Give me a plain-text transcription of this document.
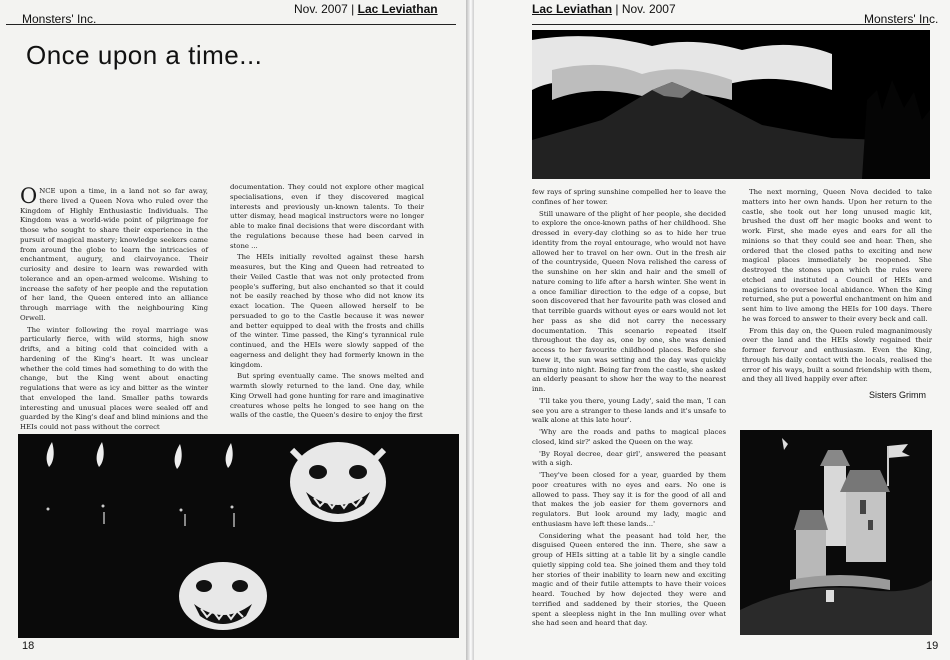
Monsters' Inc.
Nov. 2007 | Lac Leviathan
Once upon a time...

ONCE upon a time, in a land not so far away, there lived a Queen Nova who ruled over the Kingdom of Highly Enthusiastic Individuals. The Kingdom was a world-wide point of pilgrimage for those who sought to share their experience in the pursuit of magical mastery; knowledge seekers came from around the globe to learn the intricacies of enchantment, augury, and clairvoyance. Their curiosity and desire to learn was rewarded with tolerance and an open-armed welcome. Wishing to increase the safety of her people and the reputation of her land, the Queen entered into an alliance through marriage with the neighbouring King Orwell.

The winter following the royal marriage was particularly fierce, with wild storms, high snow drifts, and a biting cold that coincided with a hardening of the King's heart. It was unclear whether the cold times had something to do with the change, but the King went about enacting regulations that were as icy and bitter as the winter that enveloped the land. Smaller paths towards interesting and unusual places were sealed off and guarded by the King's deaf and blind minions and the HEIs could not pass without the correct

documentation. They could not explore other magical specialisations, even if they discovered magical interests and previously un-known talents. To their utter dismay, head magical instructors were no longer able to make final decisions that were discordant with the regulations because these had been carved in stone ...

The HEIs initially revolted against these harsh measures, but the King and Queen had retreated to their Veiled Castle that was not only protected from people's suffering, but also enchanted so that it could not be easily reached by those who did not know its exact location. The Queen allowed herself to be persuaded to go to the Castle because it was newer and better equipped to deal with the frosts and chills of the winter. Time passed, the King's tyrannical rule continued, and the HEIs were slowly sapped of the eagerness and delight they had formerly known in the kingdom.

But spring eventually came. The snows melted and warmth slowly returned to the land. One day, while King Orwell had gone hunting for rare and imaginative creatures whose pelts he longed to see hang on the walls of the castle, the Queen's desire to enjoy the first

18
Lac Leviathan | Nov. 2007
Monsters' Inc.

few rays of spring sunshine compelled her to leave the confines of her tower.

Still unaware of the plight of her people, she decided to explore the once-known paths of her childhood. She dressed in every-day clothing so as to hide her true identity from the royal entourage, who would not have allowed her to travel on her own. Out in the fresh air of the countryside, Queen Nova relished the caress of the sunshine on her skin and hair and the smell of nature coming to life after a harsh winter. She went in a once familiar direction to the edge of a copse, but soon discovered that her favourite path was closed and that terrible guards without eyes or ears would not let her pass as she did not carry the necessary documentation. This scenario repeated itself throughout the day as, one by one, she was denied access to her favourite childhood places. Before she knew it, the sun was setting and the day was quickly turning into night. Being far from the castle, she asked an elderly peasant to show her the way to the nearest inn.

'I'll take you there, young Lady', said the man, 'I can see you are a stranger to these lands and it's unsafe to walk alone at this late hour'.

'Why are the roads and paths to magical places closed, kind sir?' asked the Queen on the way.

'By Royal decree, dear girl', answered the peasant with a sigh.

'They've been closed for a year, guarded by them poor creatures with no eyes and ears. No one is allowed to pass. They say it is for the good of all and that makes the job easier for them governors and regulators. But look around my lady, magic and enthusiasm have left these lands...'

Considering what the peasant had told her, the disguised Queen entered the inn. There, she saw a group of HEIs sitting at a table lit by a single candle quietly sipping cold tea. She joined them and they told her stories of their inability to learn new and exciting magic and of their futile attempts to have their voices heard. Touched by how dejected they were and terrified and saddened by their stories, the Queen spent a sleepless night in the Inn mulling over what she had seen and heard that day.

The next morning, Queen Nova decided to take matters into her own hands. Upon her return to the castle, she took out her long unused magic kit, brushed the dust off her magic books and went to work. First, she made eyes and ears for all the minions so that they could see and hear. Then, she ordered that the closed paths to exciting and new magical places immediately be reopened. She destroyed the stones upon which the rules were etched and instituted a Council of HEIs and magicians to oversee local abidance. When the King returned, she put a powerful enchantment on him and sent him to live among the HEIs for 100 days. There he was forced to answer to their every beck and call.

From this day on, the Queen ruled magnanimously over the land and the HEIs slowly regained their former fervour and enthusiasm. Even the King, through his daily contact with the locals, realised the error of his ways, built a sound friendship with them, and they all lived happily ever after.

Sisters Grimm
19
